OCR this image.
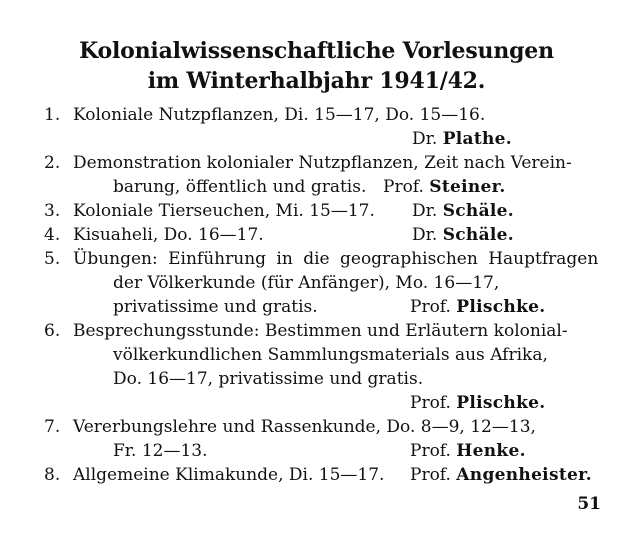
Kolonialwissenschaftliche Vorlesungen
im Winterhalbjahr 1941/42.
1. Koloniale Nutzpflanzen, Di. 15—17, Do. 15—16.
Dr. Plathe.
2. Demonstration kolonialer Nutzpflanzen, Zeit nach Verein-
barung, öffentlich und gratis. Prof. Steiner.
3. Koloniale Tierseuchen, Mi. 15—17. Dr. Schäle.
4. Kisuaheli, Do. 16—17.	Dr. Schäle.
5. Übungen: Einführung in die geographischen Hauptfragen
der Völkerkunde (für Anfänger), Mo. 16—17,
privatissime und gratis.	Prof. Plischke.
6. Besprechungsstunde: Bestimmen und Erläutern kolonial-
völkerkundlichen Sammlungsmaterials aus Afrika,
Do. 16—17, privatissime und gratis.
Prof. Plischke.
7. Vererbungslehre und Rassenkunde, Do. 8—9, 12—13,
Fr. 12—13.	Prof. Henke.
8. Allgemeine Klimakunde, Di. 15—17. Prof. Angenheister.
51
